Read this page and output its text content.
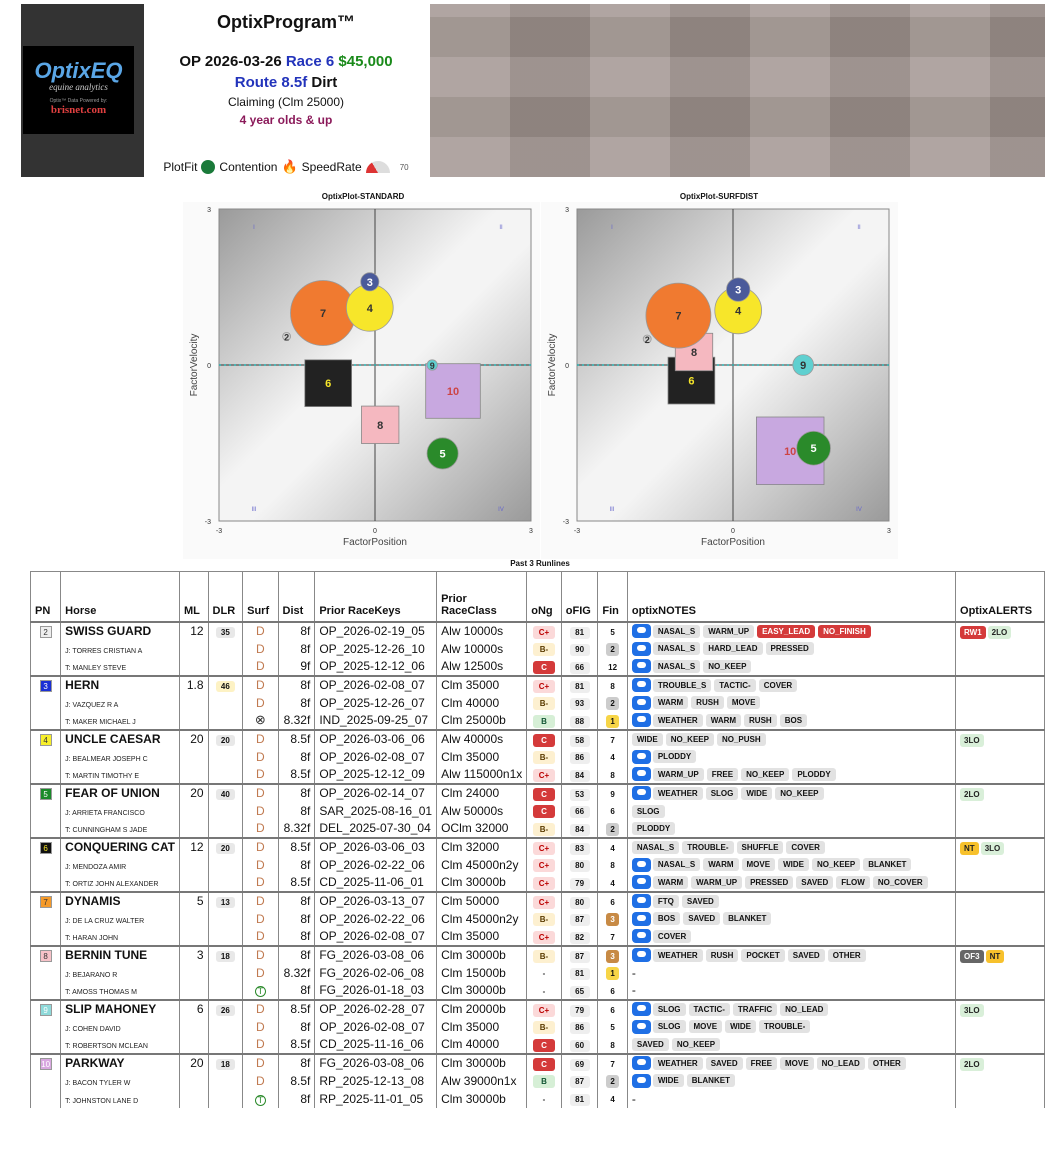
OptixEQ
equine analytics
Optix™ Data Powered by:
brisnet.com
OptixProgram™
OP 2026-03-26 Race 6 $45,000
Route 8.5f Dirt
Claiming (Clm 25000)
4 year olds & up
PlotFit Contention 🔥 SpeedRate	70
OptixPlot-STANDARD	OptixPlot-SURFDIST
I	II
III	IV
-3	0	3
3
0
-3
FactorPosition
FactorVelocity	10
6
8
7	4
5
3
9
2
I	II
III	IV
-3	0	3
3
0
-3
FactorPosition
FactorVelocity
10
6
8
7	4
5
3
9
2
Past 3 Runlines
PN	Horse	ML	DLR	Surf	Dist	Prior RaceKeys	Prior RaceClass	oNg	oFIG	Fin	optixNOTES	OptixALERTS
2	SWISS GUARD	12	35	D	8f	OP_2026-02-19_05	Alw 10000s	C+	81	5	NASAL_S WARM_UP EASY_LEAD NO_FINISH	RW1 2LO
	J: TORRES CRISTIAN A			D	8f	OP_2025-12-26_10	Alw 10000s	B-	90	2	NASAL_S HARD_LEAD PRESSED	
	T: MANLEY STEVE			D	9f	OP_2025-12-12_06	Alw 12500s	C	66	12	NASAL_S NO_KEEP	
3	HERN	1.8	46	D	8f	OP_2026-02-08_07	Clm 35000	C+	81	8	TROUBLE_S TACTIC- COVER	
	J: VAZQUEZ R A			D	8f	OP_2025-12-26_07	Clm 40000	B-	93	2	WARM RUSH MOVE	
	T: MAKER MICHAEL J			⊗	8.32f	IND_2025-09-25_07	Clm 25000b	B	88	1	WEATHER WARM RUSH BOS	
4	UNCLE CAESAR	20	20	D	8.5f	OP_2026-03-06_06	Alw 40000s	C	58	7	WIDE NO_KEEP NO_PUSH	3LO
	J: BEALMEAR JOSEPH C			D	8f	OP_2026-02-08_07	Clm 35000	B-	86	4	PLODDY	
	T: MARTIN TIMOTHY E			D	8.5f	OP_2025-12-12_09	Alw 115000n1x	C+	84	8	WARM_UP FREE NO_KEEP PLODDY	
5	FEAR OF UNION	20	40	D	8f	OP_2026-02-14_07	Clm 24000	C	53	9	WEATHER SLOG WIDE NO_KEEP	2LO
	J: ARRIETA FRANCISCO			D	8f	SAR_2025-08-16_01	Alw 50000s	C	66	6	SLOG	
	T: CUNNINGHAM S JADE			D	8.32f	DEL_2025-07-30_04	OClm 32000	B-	84	2	PLODDY	
6	CONQUERING CAT	12	20	D	8.5f	OP_2026-03-06_03	Clm 32000	C+	83	4	NASAL_S TROUBLE- SHUFFLE COVER	NT 3LO
	J: MENDOZA AMIR			D	8f	OP_2026-02-22_06	Clm 45000n2y	C+	80	8	NASAL_S WARM MOVE WIDE NO_KEEP BLANKET	
	T: ORTIZ JOHN ALEXANDER			D	8.5f	CD_2025-11-06_01	Clm 30000b	C+	79	4	WARM WARM_UP PRESSED SAVED FLOW NO_COVER	
7	DYNAMIS	5	13	D	8f	OP_2026-03-13_07	Clm 50000	C+	80	6	FTQ SAVED	
	J: DE LA CRUZ WALTER			D	8f	OP_2026-02-22_06	Clm 45000n2y	B-	87	3	BOS SAVED BLANKET	
	T: HARAN JOHN			D	8f	OP_2026-02-08_07	Clm 35000	C+	82	7	COVER	
8	BERNIN TUNE	3	18	D	8f	FG_2026-03-08_06	Clm 30000b	B-	87	3	WEATHER RUSH POCKET SAVED OTHER	OF3 NT
	J: BEJARANO R			D	8.32f	FG_2026-02-06_08	Clm 15000b	-	81	1	-	
	T: AMOSS THOMAS M			T	8f	FG_2026-01-18_03	Clm 30000b	-	65	6	-	
9	SLIP MAHONEY	6	26	D	8.5f	OP_2026-02-28_07	Clm 20000b	C+	79	6	SLOG TACTIC- TRAFFIC NO_LEAD	3LO
	J: COHEN DAVID			D	8f	OP_2026-02-08_07	Clm 35000	B-	86	5	SLOG MOVE WIDE TROUBLE-	
	T: ROBERTSON MCLEAN			D	8.5f	CD_2025-11-16_06	Clm 40000	C	60	8	SAVED NO_KEEP	
10	PARKWAY	20	18	D	8f	FG_2026-03-08_06	Clm 30000b	C	69	7	WEATHER SAVED FREE MOVE NO_LEAD OTHER	2LO
	J: BACON TYLER W			D	8.5f	RP_2025-12-13_08	Alw 39000n1x	B	87	2	WIDE BLANKET	
	T: JOHNSTON LANE D			T	8f	RP_2025-11-01_05	Clm 30000b	-	81	4	-	
